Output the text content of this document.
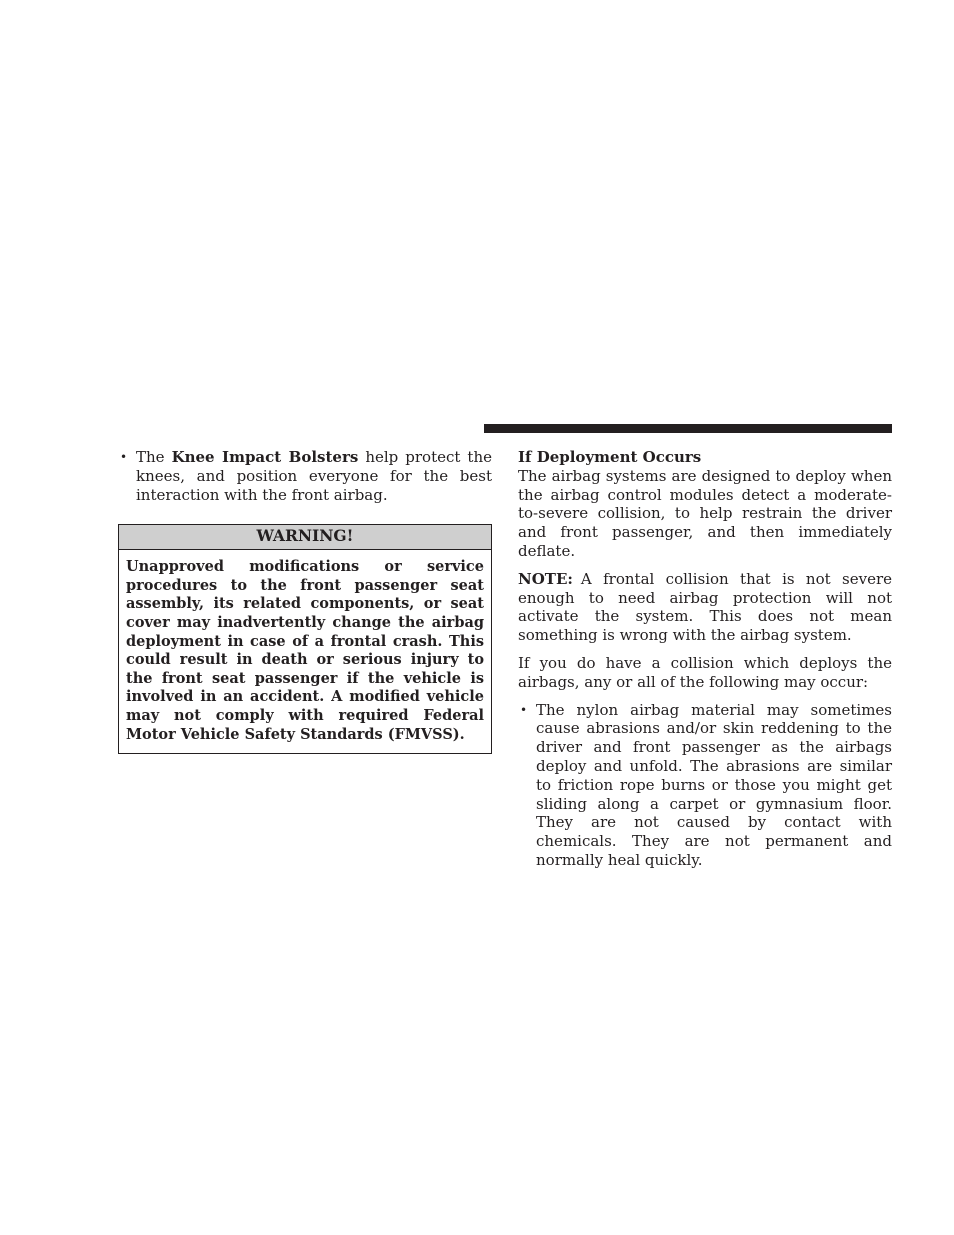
• The Knee Impact Bolsters help protect the knees, and position everyone for the best interaction with the front airbag.
WARNING!
Unapproved modifications or service procedures to the front passenger seat assembly, its related components, or seat cover may inadvertently change the airbag deployment in case of a frontal crash. This could result in death or serious injury to the front seat passenger if the vehicle is involved in an accident. A modified vehicle may not comply with required Federal Motor Vehicle Safety Standards (FMVSS).

If Deployment Occurs

The airbag systems are designed to deploy when the airbag control modules detect a moderate-to-severe collision, to help restrain the driver and front passenger, and then immediately deflate.

NOTE: A frontal collision that is not severe enough to need airbag protection will not activate the system. This does not mean something is wrong with the airbag system.

If you do have a collision which deploys the airbags, any or all of the following may occur:

• The nylon airbag material may sometimes cause abrasions and/or skin reddening to the driver and front passenger as the airbags deploy and unfold. The abrasions are similar to friction rope burns or those you might get sliding along a carpet or gymnasium floor. They are not caused by contact with chemicals. They are not permanent and normally heal quickly.
